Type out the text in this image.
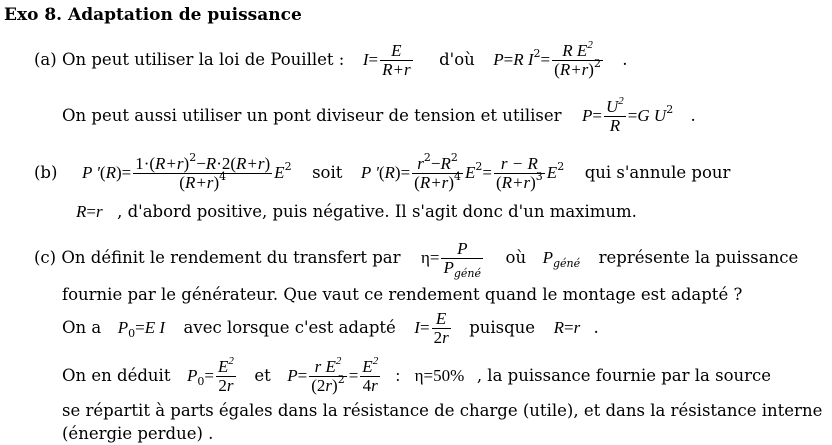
Exo 8. Adaptation de puissance
(a) On peut utiliser la loi de Pouillet : $I= \frac{E}{R+r}$ d'où P=R $I^2= \frac{R E^2}{(R+r)^2}$ .
On peut aussi utiliser un pont diviseur de tension et utiliser $P= \frac{U^2}{R} =G$ $U^2$ .
(b) P '$(R)= \frac{1\cdot(R+r)^2-R\cdot 2(R+r)}{(R+r)^4} E^2$ soit P '$(R)= \frac{r^2-R^2}{(R+r)^4} E^2= \frac{r - R}{(R+r)^3} E^2$ qui s'annule pour
R=r , d'abord positive, puis négative. Il s'agit donc d'un maximum.
(c) On définit le rendement du transfert par $\eta= \frac{P}{P_{géné}}$ où $P_{géné}$ représente la puissance
fournie par le générateur. Que vaut ce rendement quand le montage est adapté ?
On a $P_0=E$ I avec lorsque c'est adapté $I= \frac{E}{2r}$ puisque R=r .
On en déduit $P_0= \frac{E^2}{2r}$ et $P= \frac{r E^2}{(2r)^2} = \frac{E^2}{4r}$ : η=50% , la puissance fournie par la source
se répartit à parts égales dans la résistance de charge (utile), et dans la résistance interne
(énergie perdue) .
